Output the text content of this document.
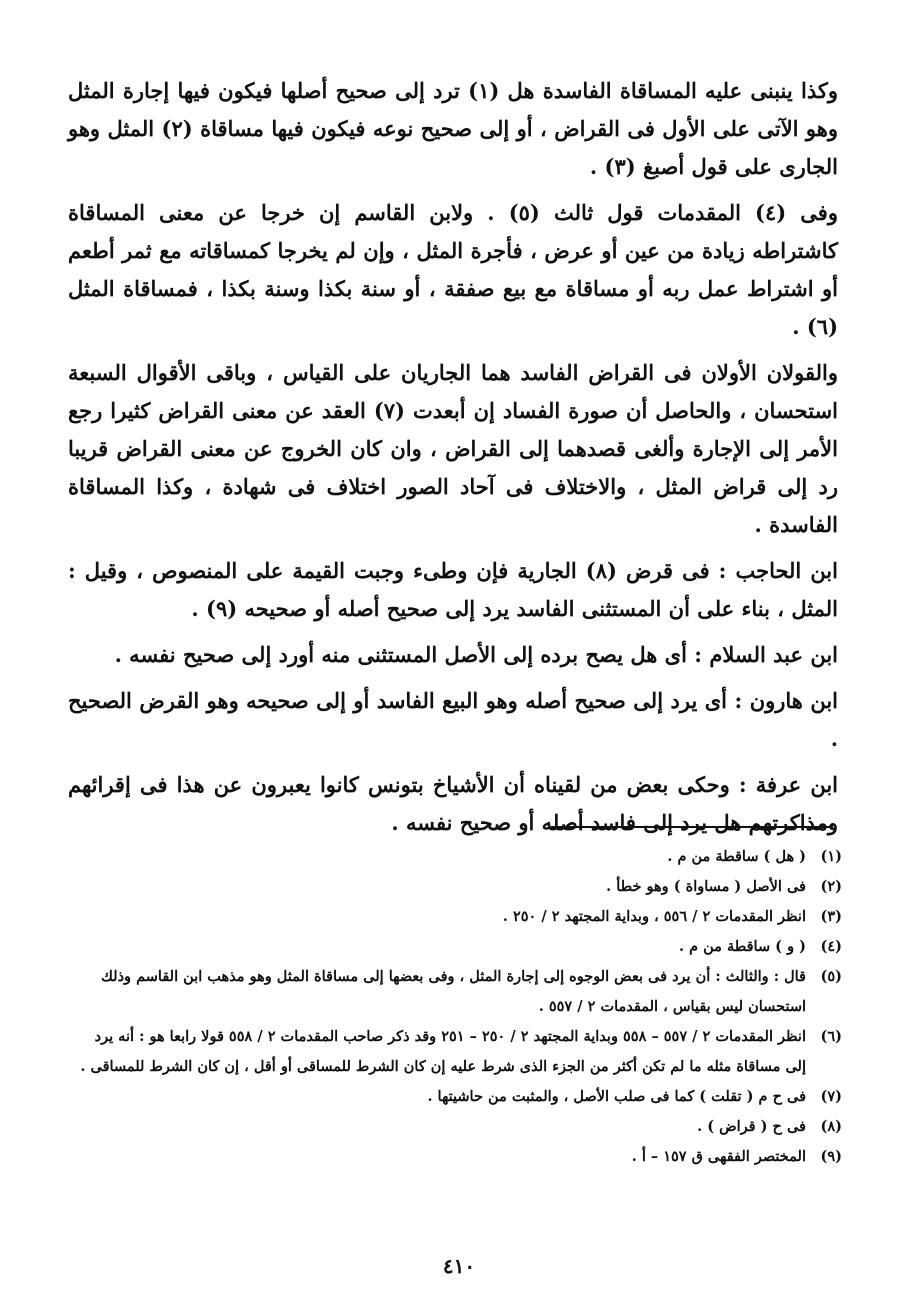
وكذا ينبنى عليه المساقاة الفاسدة هل (١) ترد إلى صحيح أصلها فيكون فيها إجارة المثل وهو الآتى على الأول فى القراض ، أو إلى صحيح نوعه فيكون فيها مساقاة (٢) المثل وهو الجارى على قول أصبغ (٣) .

وفى (٤) المقدمات قول ثالث (٥) . ولابن القاسم إن خرجا عن معنى المساقاة كاشتراطه زيادة من عين أو عرض ، فأجرة المثل ، وإن لم يخرجا كمساقاته مع ثمر أطعم أو اشتراط عمل ربه أو مساقاة مع بيع صفقة ، أو سنة بكذا وسنة بكذا ، فمساقاة المثل (٦) .

والقولان الأولان فى القراض الفاسد هما الجاريان على القياس ، وباقى الأقوال السبعة استحسان ، والحاصل أن صورة الفساد إن أبعدت (٧) العقد عن معنى القراض كثيرا رجع الأمر إلى الإجارة وألغى قصدهما إلى القراض ، وان كان الخروج عن معنى القراض قريبا رد إلى قراض المثل ، والاختلاف فى آحاد الصور اختلاف فى شهادة ، وكذا المساقاة الفاسدة .

ابن الحاجب : فى قرض (٨) الجارية فإن وطىء وجبت القيمة على المنصوص ، وقيل : المثل ، بناء على أن المستثنى الفاسد يرد إلى صحيح أصله أو صحيحه (٩) .

ابن عبد السلام : أى هل يصح برده إلى الأصل المستثنى منه أورد إلى صحيح نفسه .

ابن هارون : أى يرد إلى صحيح أصله وهو البيع الفاسد أو إلى صحيحه وهو القرض الصحيح .

ابن عرفة : وحكى بعض من لقيناه أن الأشياخ بتونس كانوا يعبرون عن هذا فى إقرائهم ومذاكرتهم هل يرد إلى فاسد أصله أو صحيح نفسه .

(١)
( هل ) ساقطة من م .
(٢)
فى الأصل ( مساواة ) وهو خطأ .
(٣)
انظر المقدمات ٢ / ٥٥٦ ، وبداية المجتهد ٢ / ٢٥٠ .
(٤)
( و ) ساقطة من م .
(٥)
قال : والثالث : أن يرد فى بعض الوجوه إلى إجارة المثل ، وفى بعضها إلى مساقاة المثل وهو مذهب ابن القاسم وذلك استحسان ليس بقياس ، المقدمات ٢ / ٥٥٧ .
(٦)
انظر المقدمات ٢ / ٥٥٧ – ٥٥٨ وبداية المجتهد ٢ / ٢٥٠ – ٢٥١ وقد ذكر صاحب المقدمات ٢ / ٥٥٨ قولا رابعا هو : أنه يرد إلى مساقاة مثله ما لم تكن أكثر من الجزء الذى شرط عليه إن كان الشرط للمساقى أو أقل ، إن كان الشرط للمساقى .
(٧)
فى ح م ( تقلت ) كما فى صلب الأصل ، والمثبت من حاشيتها .
(٨)
فى ح ( قراض ) .
(٩)
المختصر الفقهى ق ١٥٧ – أ .
٤١٠
